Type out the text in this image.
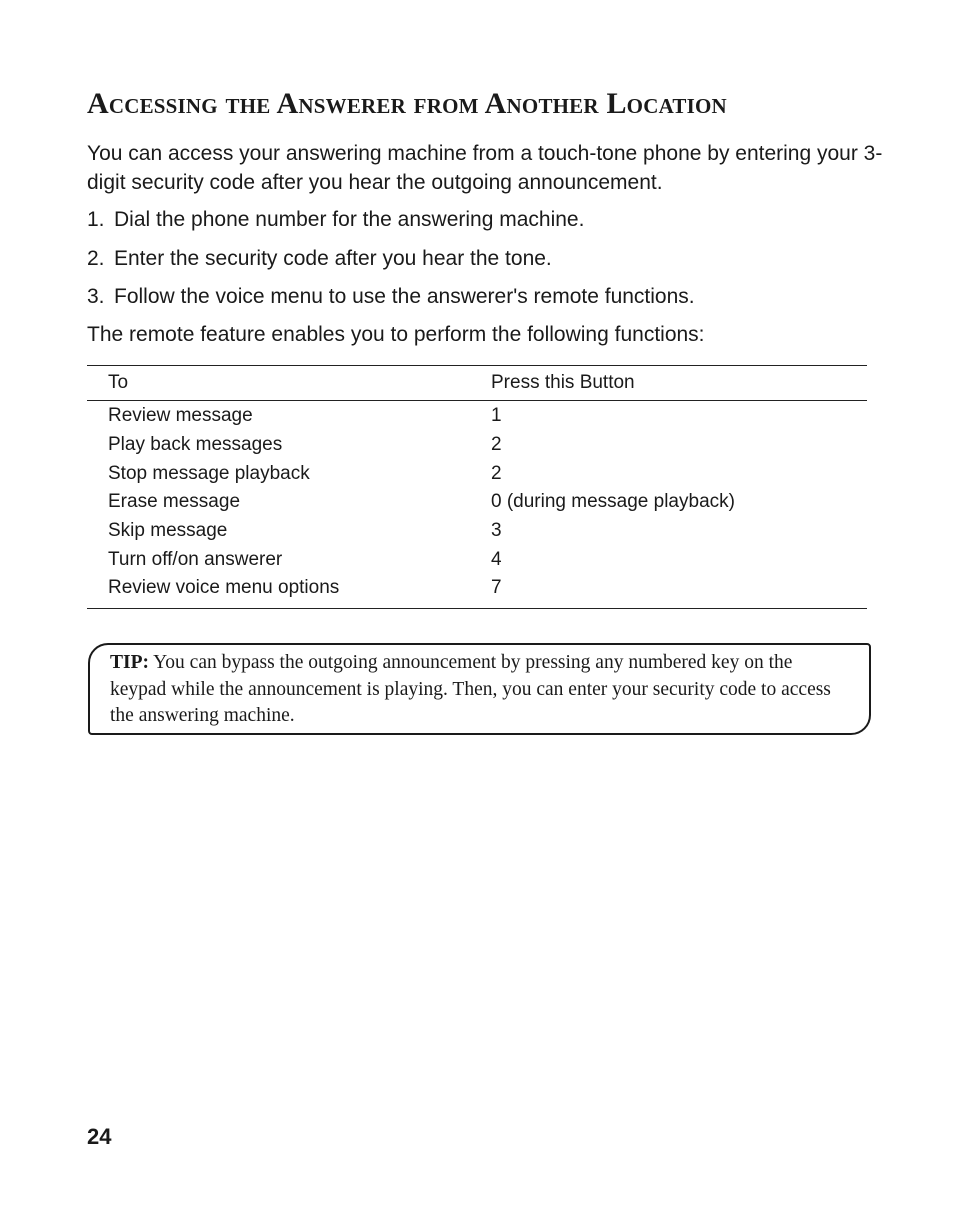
Accessing the Answerer from Another Location

You can access your answering machine from a touch-tone phone by entering your 3-digit security code after you hear the outgoing announcement.

1. Dial the phone number for the answering machine.
2. Enter the security code after you hear the tone.
3. Follow the voice menu to use the answerer's remote functions.

The remote feature enables you to perform the following functions:

To	Press this Button
Review message	1
Play back messages	2
Stop message playback	2
Erase message	0 (during message playback)
Skip message	3
Turn off/on answerer	4
Review voice menu options	7
TIP: You can bypass the outgoing announcement by pressing any numbered key on the keypad while the announcement is playing. Then, you can enter your security code to access the answering machine.
24
